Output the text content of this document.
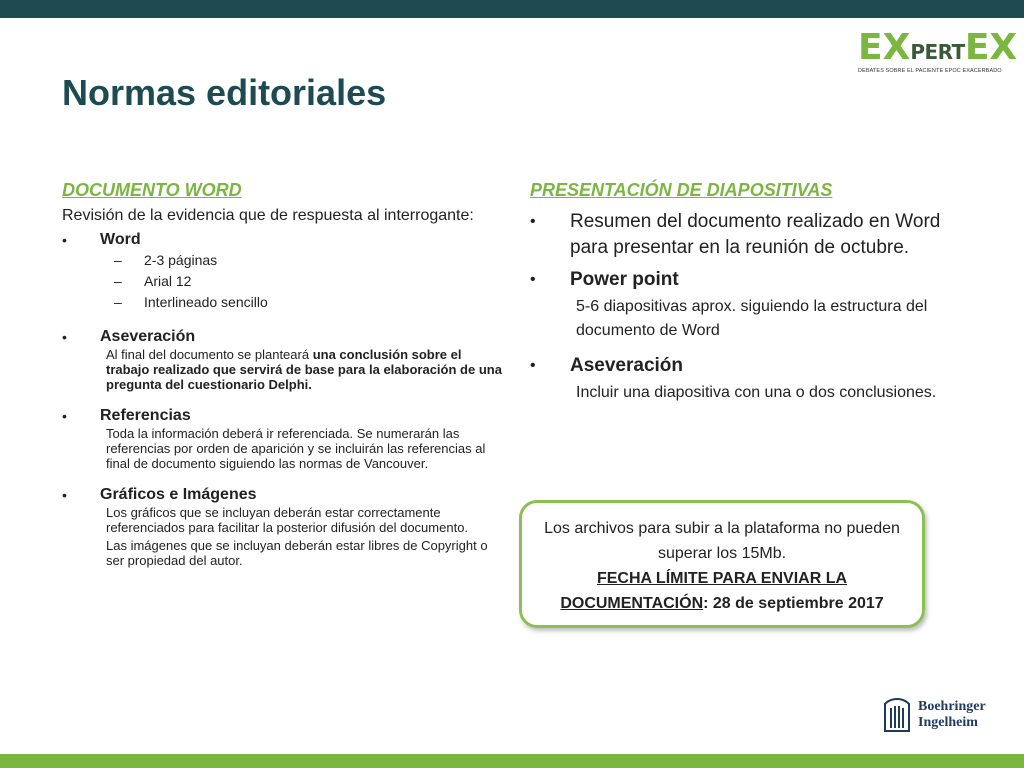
E X PERT E X
DEBATES SOBRE EL PACIENTE EPOC EXACERBADO
Normas editoriales
DOCUMENTO WORD
Revisión de la evidencia que de respuesta al interrogante:
•	Word
–	2-3 páginas
–	Arial 12
–	Interlineado sencillo
•	Aseveración
Al final del documento se planteará una conclusión sobre el trabajo realizado que servirá de base para la elaboración de una pregunta del cuestionario Delphi.
•	Referencias
Toda la información deberá ir referenciada. Se numerarán las referencias por orden de aparición y se incluirán las referencias al final de documento siguiendo las normas de Vancouver.
•	Gráficos e Imágenes
Los gráficos que se incluyan deberán estar correctamente referenciados para facilitar la posterior difusión del documento.
Las imágenes que se incluyan deberán estar libres de Copyright o ser propiedad del autor.
PRESENTACIÓN DE DIAPOSITIVAS
•	Resumen del documento realizado en Word para presentar en la reunión de octubre.
•	Power point
5-6 diapositivas aprox. siguiendo la estructura del documento de Word
•	Aseveración
Incluir una diapositiva con una o dos conclusiones.
Los archivos para subir a la plataforma no pueden superar los 15Mb.
FECHA LÍMITE PARA ENVIAR LA DOCUMENTACIÓN: 28 de septiembre 2017
Boehringer
Ingelheim
